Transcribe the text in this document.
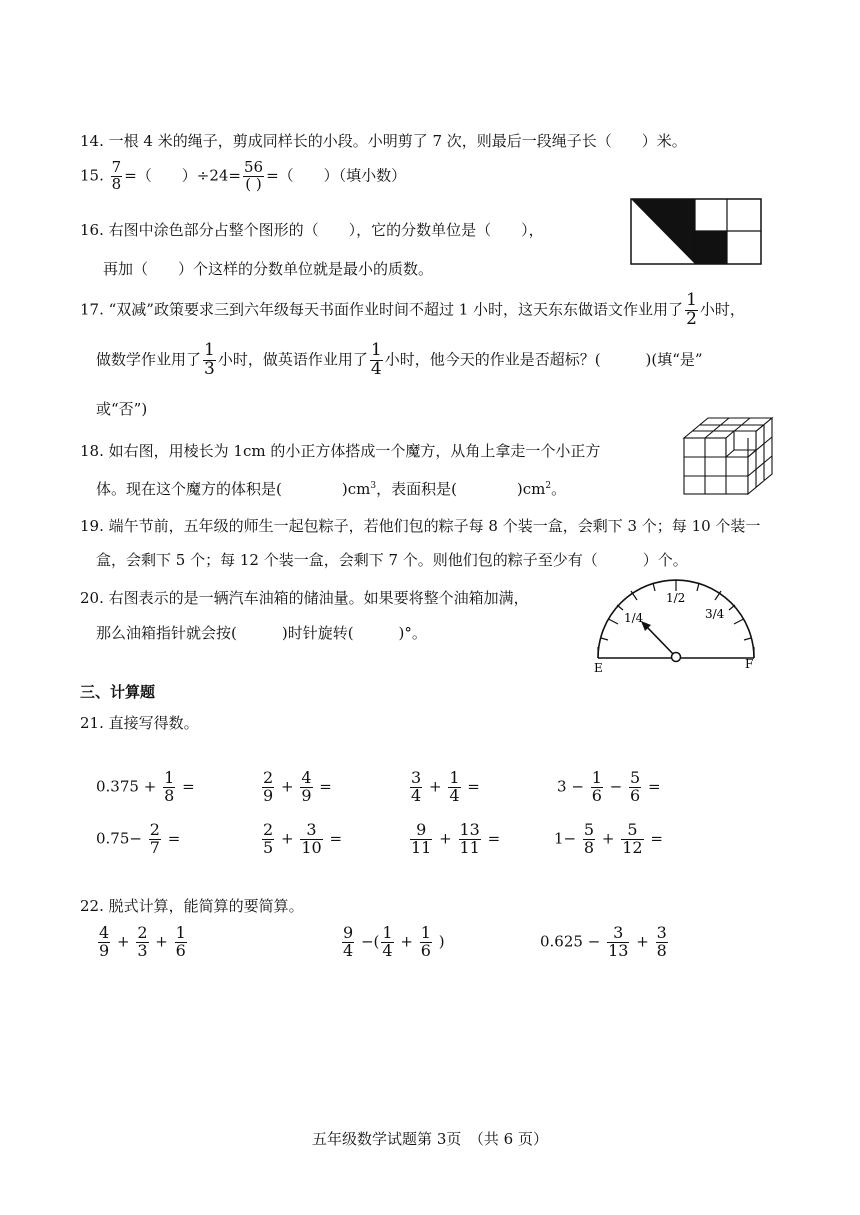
14. 一根 4 米的绳子，剪成同样长的小段。小明剪了 7 次，则最后一段绳子长（　　）米。
15. $\frac{7}{8}$ =（　　）$\div 24= \frac{56}{( )}$ =（　　）（填小数）
16. 右图中涂色部分占整个图形的（　　），它的分数单位是（　　），
再加（　　）个这样的分数单位就是最小的质数。
17. “双减”政策要求三到六年级每天书面作业时间不超过 1 小时，这天东东做语文作业用了 $\frac{1}{2}$ 小时，
做数学作业用了 $\frac{1}{3}$ 小时，做英语作业用了 $\frac{1}{4}$ 小时，他今天的作业是否超标？(　　　)(填“是”
或“否”)
18. 如右图，用棱长为 1cm 的小正方体搭成一个魔方，从角上拿走一个小正方
体。现在这个魔方的体积是(　　　　)$cm^3$，表面积是(　　　　)$cm^2$。
19. 端午节前，五年级的师生一起包粽子，若他们包的粽子每 8 个装一盒，会剩下 3 个；每 10 个装一
盒，会剩下 5 个；每 12 个装一盒，会剩下 7 个。则他们包的粽子至少有（　　　）个。
20. 右图表示的是一辆汽车油箱的储油量。如果要将整个油箱加满，
那么油箱指针就会按(　　　)时针旋转(　　　)°。
1/4
1/2
3/4
E	F
三、计算题
21. 直接写得数。
$0.375 + \frac{1}{8}$ =	$\frac{2}{9} + \frac{4}{9}$ =	$\frac{3}{4} + \frac{1}{4}$ =	$3 - \frac{1}{6} - \frac{5}{6}$ =
$0.75- \frac{2}{7}$ =	$\frac{2}{5} + \frac{3}{10}$ =	$\frac{9}{11} + \frac{13}{11}$ =	$1- \frac{5}{8} + \frac{5}{12}$ =
22. 脱式计算，能简算的要简算。
$\frac{4}{9} + \frac{2}{3} + \frac{1}{6}$	$\frac{9}{4}$ −( $\frac{1}{4} + \frac{1}{6}$ )	$0.625 - \frac{3}{13} + \frac{3}{8}$
五年级数学试题第 3页　（共 6 页）
